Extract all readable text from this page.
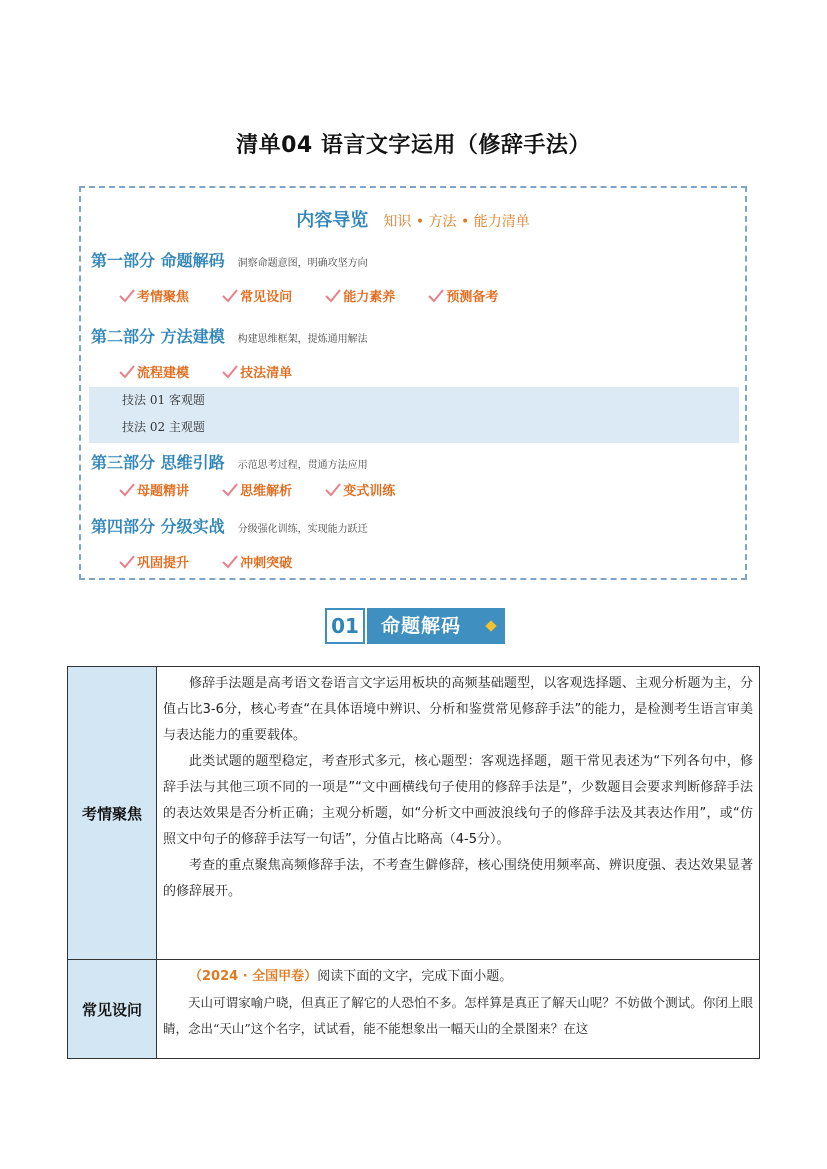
清单04 语言文字运用（修辞手法）
内容导览 知识 • 方法 • 能力清单
第一部分 命题解码 洞察命题意图，明确攻坚方向
考情聚焦	常见设问	能力素养	预测备考
第二部分 方法建模 构建思维框架，提炼通用解法
流程建模	技法清单
技法 01 客观题
技法 02 主观题
第三部分 思维引路 示范思考过程，贯通方法应用
母题精讲	思维解析	变式训练
第四部分 分级实战 分级强化训练，实现能力跃迁
巩固提升	冲刺突破
01	命题解码
考情聚焦	修辞手法题是高考语文卷语言文字运用板块的高频基础题型，以客观选择题、主观分析题为主，分值占比3-6分，核心考查“在具体语境中辨识、分析和鉴赏常见修辞手法”的能力，是检测考生语言审美与表达能力的重要载体。

此类试题的题型稳定，考查形式多元，核心题型：客观选择题，题干常见表述为“下列各句中，修辞手法与其他三项不同的一项是”“文中画横线句子使用的修辞手法是”，少数题目会要求判断修辞手法的表达效果是否分析正确；主观分析题，如“分析文中画波浪线句子的修辞手法及其表达作用”，或“仿照文中句子的修辞手法写一句话”，分值占比略高（4-5分）。

考查的重点聚焦高频修辞手法，不考查生僻修辞，核心围绕使用频率高、辨识度强、表达效果显著的修辞展开。

常见设问	（2024 · 全国甲卷）阅读下面的文字，完成下面小题。

天山可谓家喻户晓，但真正了解它的人恐怕不多。怎样算是真正了解天山呢？不妨做个测试。你闭上眼睛，念出“天山”这个名字，试试看，能不能想象出一幅天山的全景图来？在这
